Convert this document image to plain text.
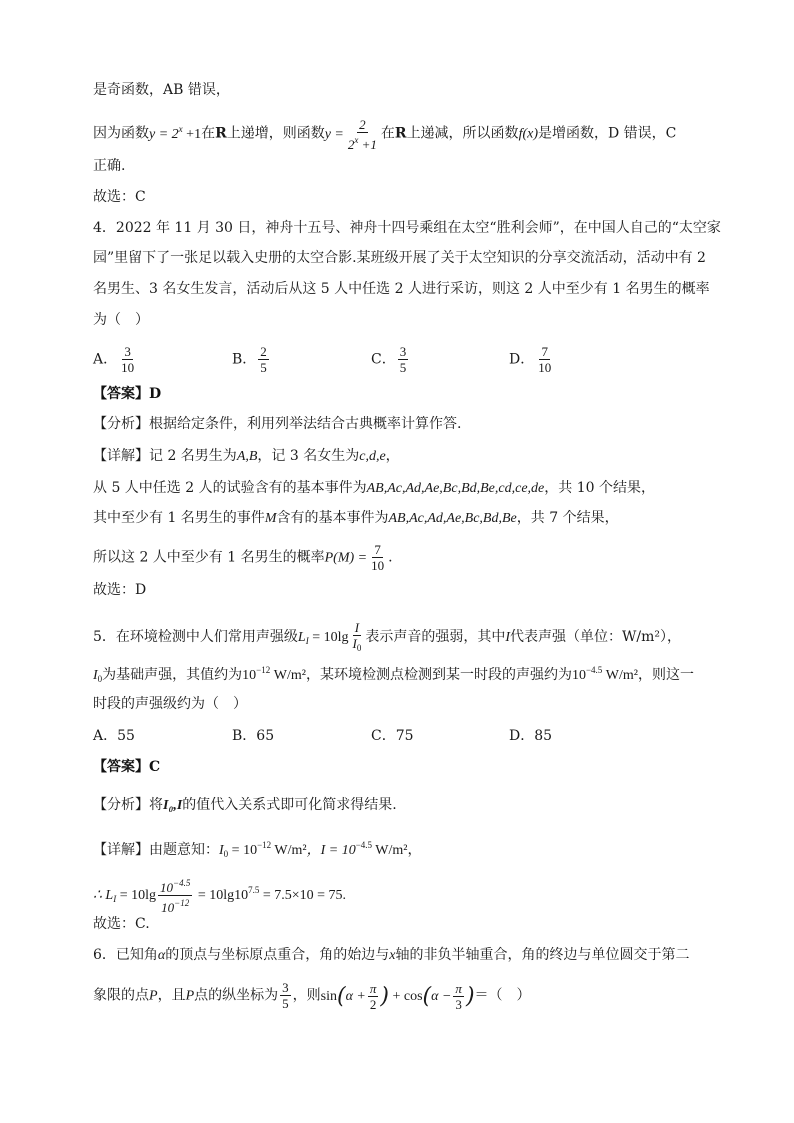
是奇函数，AB 错误，
因为函数$y = 2^x +1$在R上递增，则函数$y = \frac{2}{2^x +1}$ 在R上递减，所以函数f(x)是增函数，D 错误，C
正确.
故选：C
4．2022 年 11 月 30 日，神舟十五号、神舟十四号乘组在太空“胜利会师”，在中国人自己的“太空家
园”里留下了一张足以载入史册的太空合影.某班级开展了关于太空知识的分享交流活动，活动中有 2
名男生、3 名女生发言，活动后从这 5 人中任选 2 人进行采访，则这 2 人中至少有 1 名男生的概率
为（　）
A． $\frac{3}{10}$	B． $\frac{2}{5}$	C． $\frac{3}{5}$	D． $\frac{7}{10}$
【答案】D
【分析】根据给定条件，利用列举法结合古典概率计算作答.
【详解】记 2 名男生为A,B，记 3 名女生为c,d,e，
从 5 人中任选 2 人的试验含有的基本事件为AB,Ac,Ad,Ae,Bc,Bd,Be,cd,ce,de，共 10 个结果，
其中至少有 1 名男生的事件M含有的基本事件为AB,Ac,Ad,Ae,Bc,Bd,Be，共 7 个结果，
所以这 2 人中至少有 1 名男生的概率$P(M) = \frac{7}{10}$ .
故选：D
5．在环境检测中人们常用声强级$L_I = 10\lg \frac{I}{I_0}$ 表示声音的强弱，其中I代表声强（单位：W/m²），
$I_0$为基础声强，其值约为$10^{-12}$ W/m²，某环境检测点检测到某一时段的声强约为$10^{-4.5}$ W/m²，则这一
时段的声强级约为（　）
A．55	B．65	C．75	D．85
【答案】C
【分析】将I₀,I的值代入关系式即可化简求得结果.
【详解】由题意知：$I_0 = 10^{-12}$ W/m²，$I = 10^{-4.5}$ W/m²，
∴ $L_I = 10\lg \frac{10^{-4.5}}{10^{-12}} = 10\lg 10^{7.5} = 7.5\times 10 = 75$.
故选：C.
6．已知角α的顶点与坐标原点重合，角的始边与x轴的非负半轴重合，角的终边与单位圆交于第二
象限的点P，且P点的纵坐标为 $\frac{3}{5}$ ，则$\sin(\alpha + \frac{\pi}{2}$ ) + $\cos(\alpha - \frac{\pi}{3}$ )＝（　）
